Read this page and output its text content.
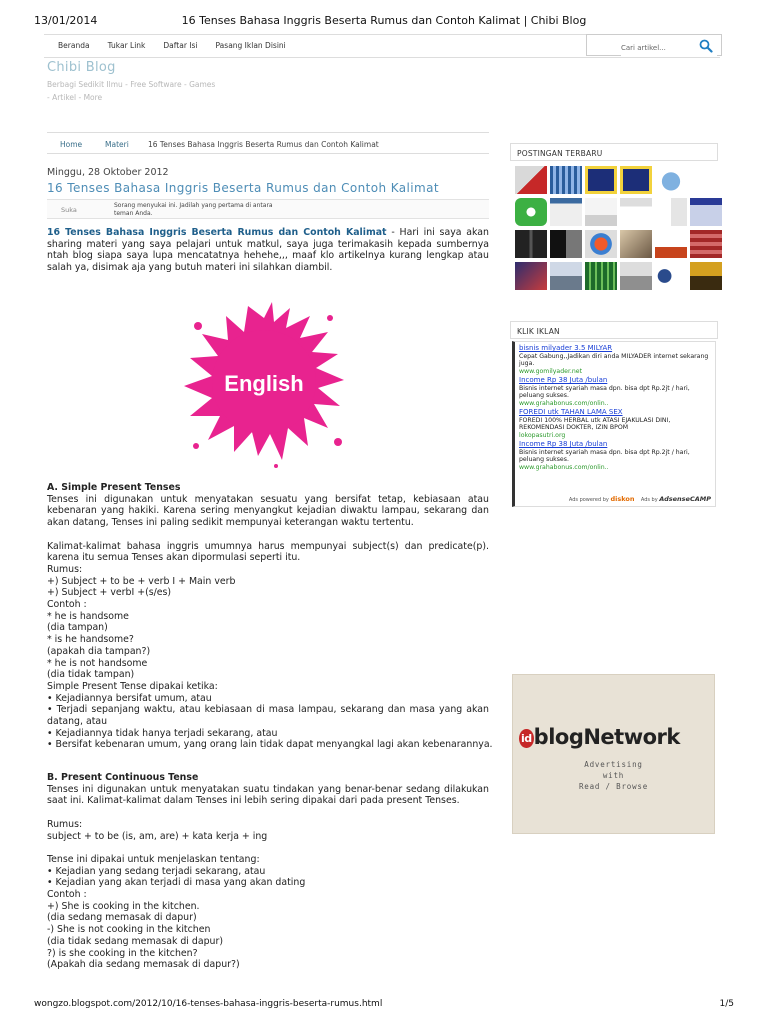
13/01/2014	16 Tenses Bahasa Inggris Beserta Rumus dan Contoh Kalimat | Chibi Blog
Beranda Tukar Link Daftar Isi Pasang Iklan Disini
Cari artikel...
Chibi Blog
Berbagi Sedikit Ilmu - Free Software - Games - Artikel - More
Home	Materi	16 Tenses Bahasa Inggris Beserta Rumus dan Contoh Kalimat
Minggu, 28 Oktober 2012
16 Tenses Bahasa Inggris Beserta Rumus dan Contoh Kalimat
Suka
Sorang menyukai ini. Jadilah yang pertama di antara teman Anda.

16 Tenses Bahasa Inggris Beserta Rumus dan Contoh Kalimat - Hari ini saya akan sharing materi yang saya pelajari untuk matkul, saya juga terimakasih kepada sumbernya ntah blog siapa saya lupa mencatatnya hehehe,,, maaf klo artikelnya kurang lengkap atau salah ya, disimak aja yang butuh materi ini silahkan diambil.

English
A. Simple Present Tenses
Tenses ini digunakan untuk menyatakan sesuatu yang bersifat tetap, kebiasaan atau kebenaran yang hakiki. Karena sering menyangkut kejadian diwaktu lampau, sekarang dan akan datang, Tenses ini paling sedikit mempunyai keterangan waktu tertentu.
Kalimat-kalimat bahasa inggris umumnya harus mempunyai subject(s) dan predicate(p). karena itu semua Tenses akan dipormulasi seperti itu.
Rumus:
+) Subject + to be + verb I + Main verb
+) Subject + verbI +(s/es)
Contoh :
* he is handsome
(dia tampan)
* is he handsome?
(apakah dia tampan?)
* he is not handsome
(dia tidak tampan)
Simple Present Tense dipakai ketika:
• Kejadiannya bersifat umum, atau
• Terjadi sepanjang waktu, atau kebiasaan di masa lampau, sekarang dan masa yang akan datang, atau
• Kejadiannya tidak hanya terjadi sekarang, atau
• Bersifat kebenaran umum, yang orang lain tidak dapat menyangkal lagi akan kebenarannya.
B. Present Continuous Tense
Tenses ini digunakan untuk menyatakan suatu tindakan yang benar-benar sedang dilakukan saat ini. Kalimat-kalimat dalam Tenses ini lebih sering dipakai dari pada present Tenses.
Rumus:
subject + to be (is, am, are) + kata kerja + ing
Tense ini dipakai untuk menjelaskan tentang:
• Kejadian yang sedang terjadi sekarang, atau
• Kejadian yang akan terjadi di masa yang akan dating
Contoh :
+) She is cooking in the kitchen.
(dia sedang memasak di dapur)
-) She is not cooking in the kitchen
(dia tidak sedang memasak di dapur)
?) is she cooking in the kitchen?
(Apakah dia sedang memasak di dapur?)
POSTINGAN TERBARU
KLIK IKLAN
bisnis milyader 3.5 MILYAR
Cepat Gabung,,Jadikan diri anda MILYADER internet sekarang juga.
www.gomilyader.net
Income Rp 38 Juta /bulan
Bisnis internet syariah masa dpn. bisa dpt Rp.2jt / hari, peluang sukses.
www.grahabonus.com/onlin..
FOREDI utk TAHAN LAMA SEX
FOREDI 100% HERBAL utk ATASI EJAKULASI DINI, REKOMENDASI DOKTER, IZIN BPOM
lokopasutri.org
Income Rp 38 Juta /bulan
Bisnis internet syariah masa dpn. bisa dpt Rp.2jt / hari, peluang sukses.
www.grahabonus.com/onlin..
Ads powered by diskon Ads by AdsenseCAMP
idblogNetwork
Advertising
with
Read / Browse
wongzo.blogspot.com/2012/10/16-tenses-bahasa-inggris-beserta-rumus.html	1/5
